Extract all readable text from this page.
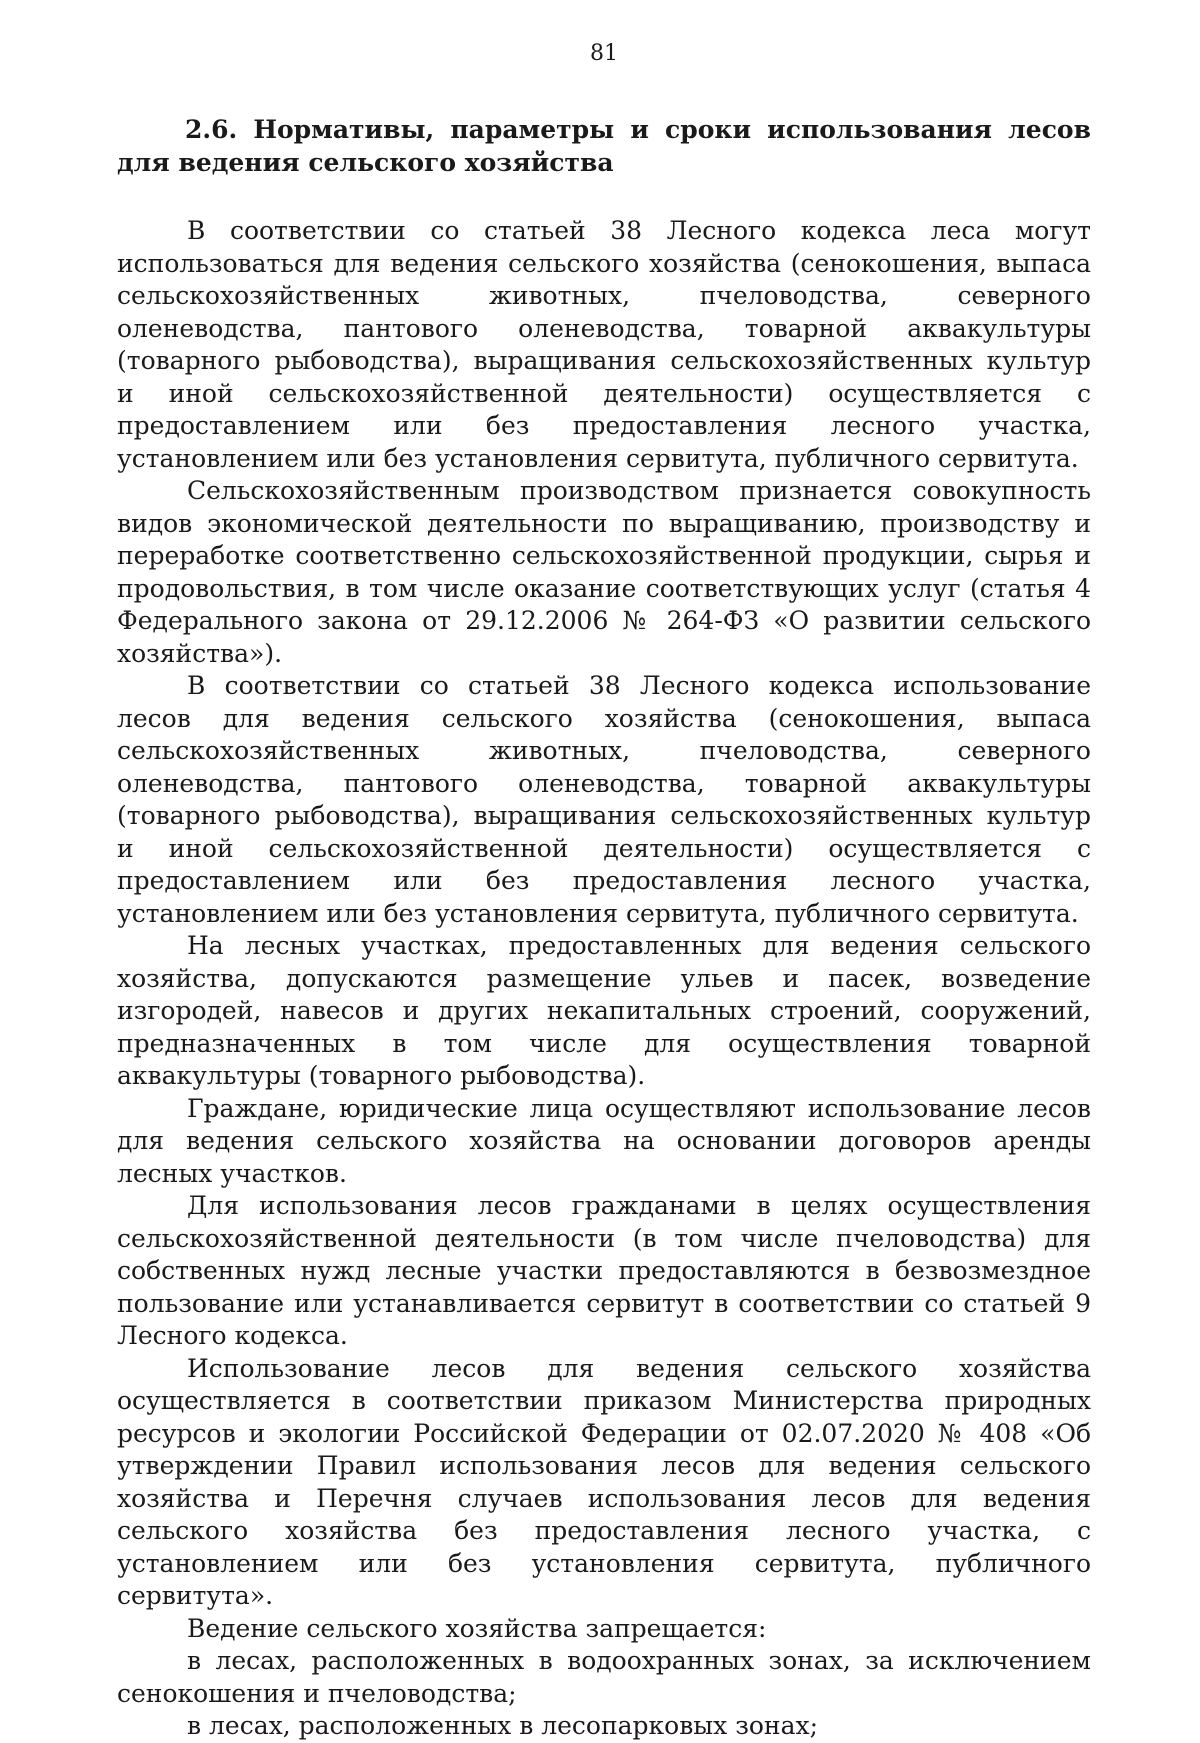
81
2.6. Нормативы, параметры и сроки использования лесов для ведения сельского хозяйства

В соответствии со статьей 38 Лесного кодекса леса могут использоваться для ведения сельского хозяйства (сенокошения, выпаса сельскохозяйственных животных, пчеловодства, северного оленеводства, пантового оленеводства, товарной аквакультуры (товарного рыбоводства), выращивания сельскохозяйственных культур и иной сельскохозяйственной деятельности) осуществляется с предоставлением или без предоставления лесного участка, установлением или без установления сервитута, публичного сервитута.

Сельскохозяйственным производством признается совокупность видов экономической деятельности по выращиванию, производству и переработке соответственно сельскохозяйственной продукции, сырья и продовольствия, в том числе оказание соответствующих услуг (статья 4 Федерального закона от 29.12.2006 № 264-ФЗ «О развитии сельского хозяйства»).

В соответствии со статьей 38 Лесного кодекса использование лесов для ведения сельского хозяйства (сенокошения, выпаса сельскохозяйственных животных, пчеловодства, северного оленеводства, пантового оленеводства, товарной аквакультуры (товарного рыбоводства), выращивания сельскохозяйственных культур и иной сельскохозяйственной деятельности) осуществляется с предоставлением или без предоставления лесного участка, установлением или без установления сервитута, публичного сервитута.

На лесных участках, предоставленных для ведения сельского хозяйства, допускаются размещение ульев и пасек, возведение изгородей, навесов и других некапитальных строений, сооружений, предназначенных в том числе для осуществления товарной аквакультуры (товарного рыбоводства).

Граждане, юридические лица осуществляют использование лесов для ведения сельского хозяйства на основании договоров аренды лесных участков.

Для использования лесов гражданами в целях осуществления сельскохозяйственной деятельности (в том числе пчеловодства) для собственных нужд лесные участки предоставляются в безвозмездное пользование или устанавливается сервитут в соответствии со статьей 9 Лесного кодекса.

Использование лесов для ведения сельского хозяйства осуществляется в соответствии приказом Министерства природных ресурсов и экологии Российской Федерации от 02.07.2020 № 408 «Об утверждении Правил использования лесов для ведения сельского хозяйства и Перечня случаев использования лесов для ведения сельского хозяйства без предоставления лесного участка, с установлением или без установления сервитута, публичного сервитута».

Ведение сельского хозяйства запрещается:

в лесах, расположенных в водоохранных зонах, за исключением сенокошения и пчеловодства;

в лесах, расположенных в лесопарковых зонах;
